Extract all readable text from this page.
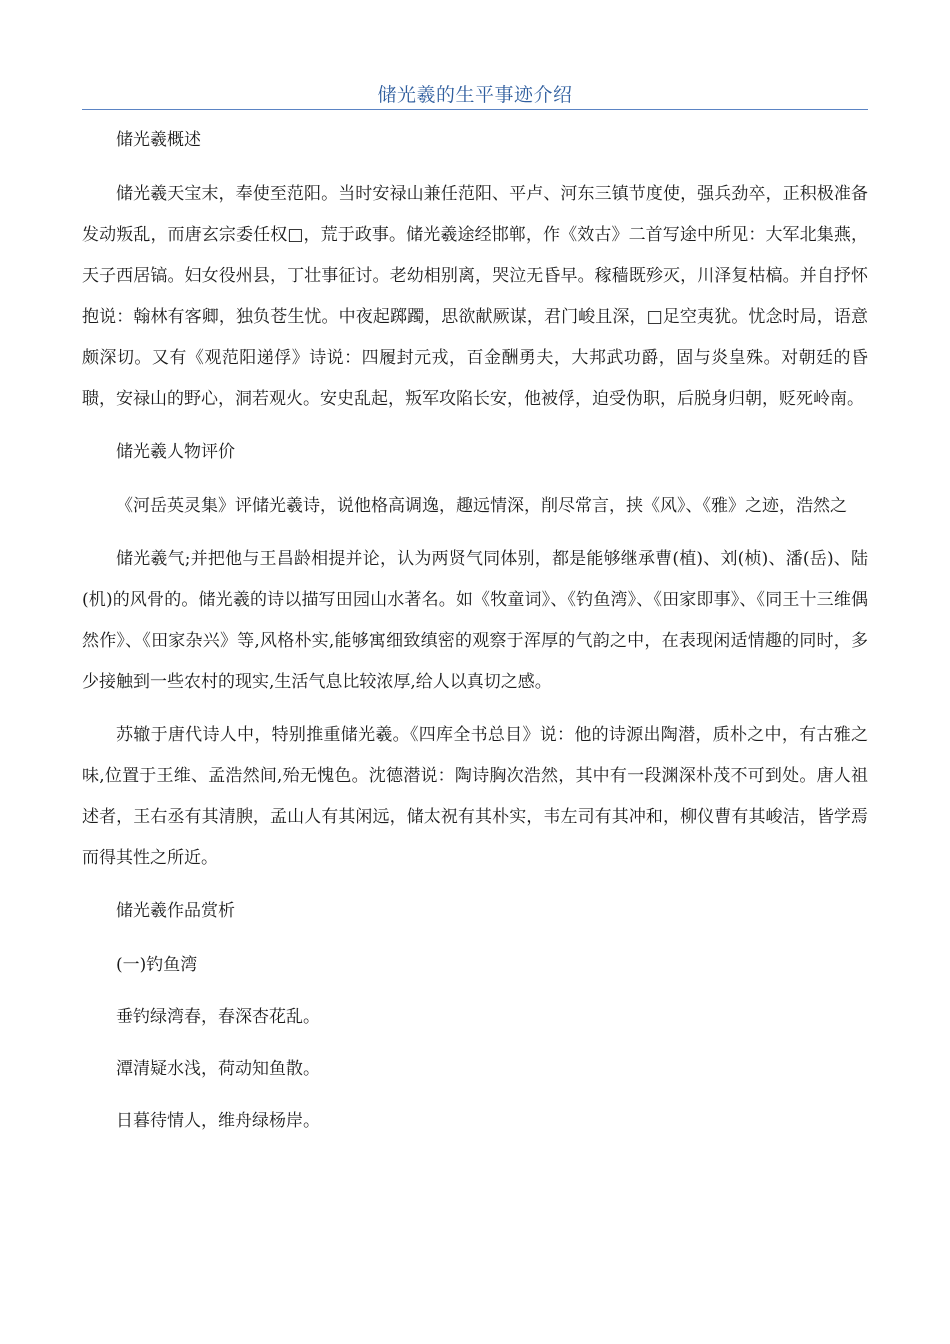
储光羲的生平事迹介绍
储光羲概述
储光羲天宝末，奉使至范阳。当时安禄山兼任范阳、平卢、河东三镇节度使，强兵劲卒，正积极准备发动叛乱，而唐玄宗委任权□，荒于政事。储光羲途经邯郸，作《效古》二首写途中所见：大军北集燕，天子西居镐。妇女役州县，丁壮事征讨。老幼相别离，哭泣无昏早。稼穑既殄灭，川泽复枯槁。并自抒怀抱说：翰林有客卿，独负苍生忧。中夜起踯躅，思欲献厥谋，君门峻且深，□足空夷犹。忧念时局，语意颇深切。又有《观范阳递俘》诗说：四履封元戎，百金酬勇夫，大邦武功爵，固与炎皇殊。对朝廷的昏聩，安禄山的野心，洞若观火。安史乱起，叛军攻陷长安，他被俘，迫受伪职，后脱身归朝，贬死岭南。
储光羲人物评价
《河岳英灵集》评储光羲诗，说他格高调逸，趣远情深，削尽常言，挟《风》、《雅》之迹，浩然之
储光羲气;并把他与王昌龄相提并论，认为两贤气同体别，都是能够继承曹(植)、刘(桢)、潘(岳)、陆(机)的风骨的。储光羲的诗以描写田园山水著名。如《牧童词》、《钓鱼湾》、《田家即事》、《同王十三维偶然作》、《田家杂兴》等,风格朴实,能够寓细致缜密的观察于浑厚的气韵之中，在表现闲适情趣的同时，多少接触到一些农村的现实,生活气息比较浓厚,给人以真切之感。
苏辙于唐代诗人中，特别推重储光羲。《四库全书总目》说：他的诗源出陶潜，质朴之中，有古雅之味,位置于王维、孟浩然间,殆无愧色。沈德潜说：陶诗胸次浩然，其中有一段渊深朴茂不可到处。唐人祖述者，王右丞有其清腴，孟山人有其闲远，储太祝有其朴实，韦左司有其冲和，柳仪曹有其峻洁，皆学焉而得其性之所近。
储光羲作品赏析
(一)钓鱼湾
垂钓绿湾春，春深杏花乱。
潭清疑水浅，荷动知鱼散。
日暮待情人，维舟绿杨岸。
